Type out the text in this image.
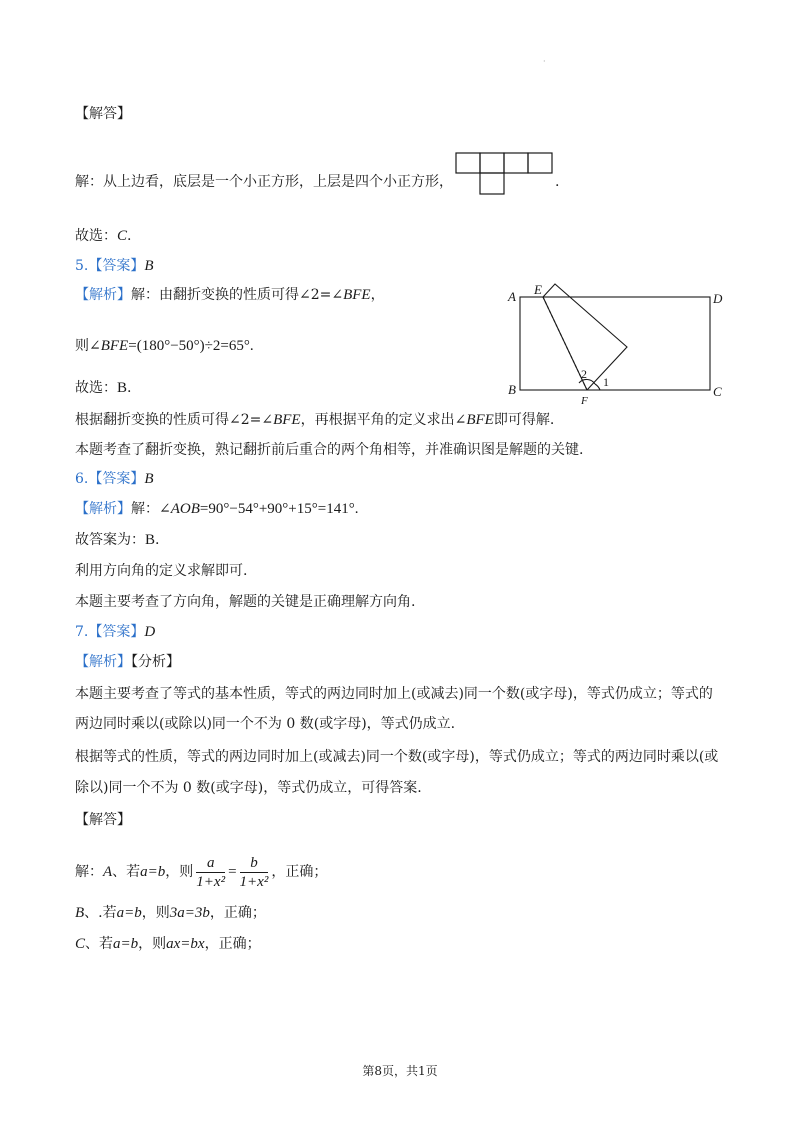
·
【解答】
解：从上边看，底层是一个小正方形，上层是四个小正方形，	.
故选：C.
5.【答案】B
【解析】解：由翻折变换的性质可得∠2=∠BFE，
则∠BFE=(180°−50°)÷2=65°.
故选：B.
A E
D
B	C
F
2
1
根据翻折变换的性质可得∠2=∠BFE，再根据平角的定义求出∠BFE即可得解.
本题考查了翻折变换，熟记翻折前后重合的两个角相等，并准确识图是解题的关键.
6.【答案】B
【解析】解：∠AOB=90°−54°+90°+15°=141°.
故答案为：B.
利用方向角的定义求解即可.
本题主要考查了方向角，解题的关键是正确理解方向角.
7.【答案】D
【解析】【分析】
本题主要考查了等式的基本性质，等式的两边同时加上(或减去)同一个数(或字母)，等式仍成立；等式的
两边同时乘以(或除以)同一个不为 0 数(或字母)，等式仍成立.
根据等式的性质，等式的两边同时加上(或减去)同一个数(或字母)，等式仍成立；等式的两边同时乘以(或
除以)同一个不为 0 数(或字母)，等式仍成立，可得答案.
【解答】
解：A、若a=b，则 $\frac{a}{\text{1+x²}} = \frac{b}{\text{1+x²}}$ ，正确；
B、.若a=b，则3a=3b，正确；
C、若a=b，则ax=bx，正确；
第8页，共1页
